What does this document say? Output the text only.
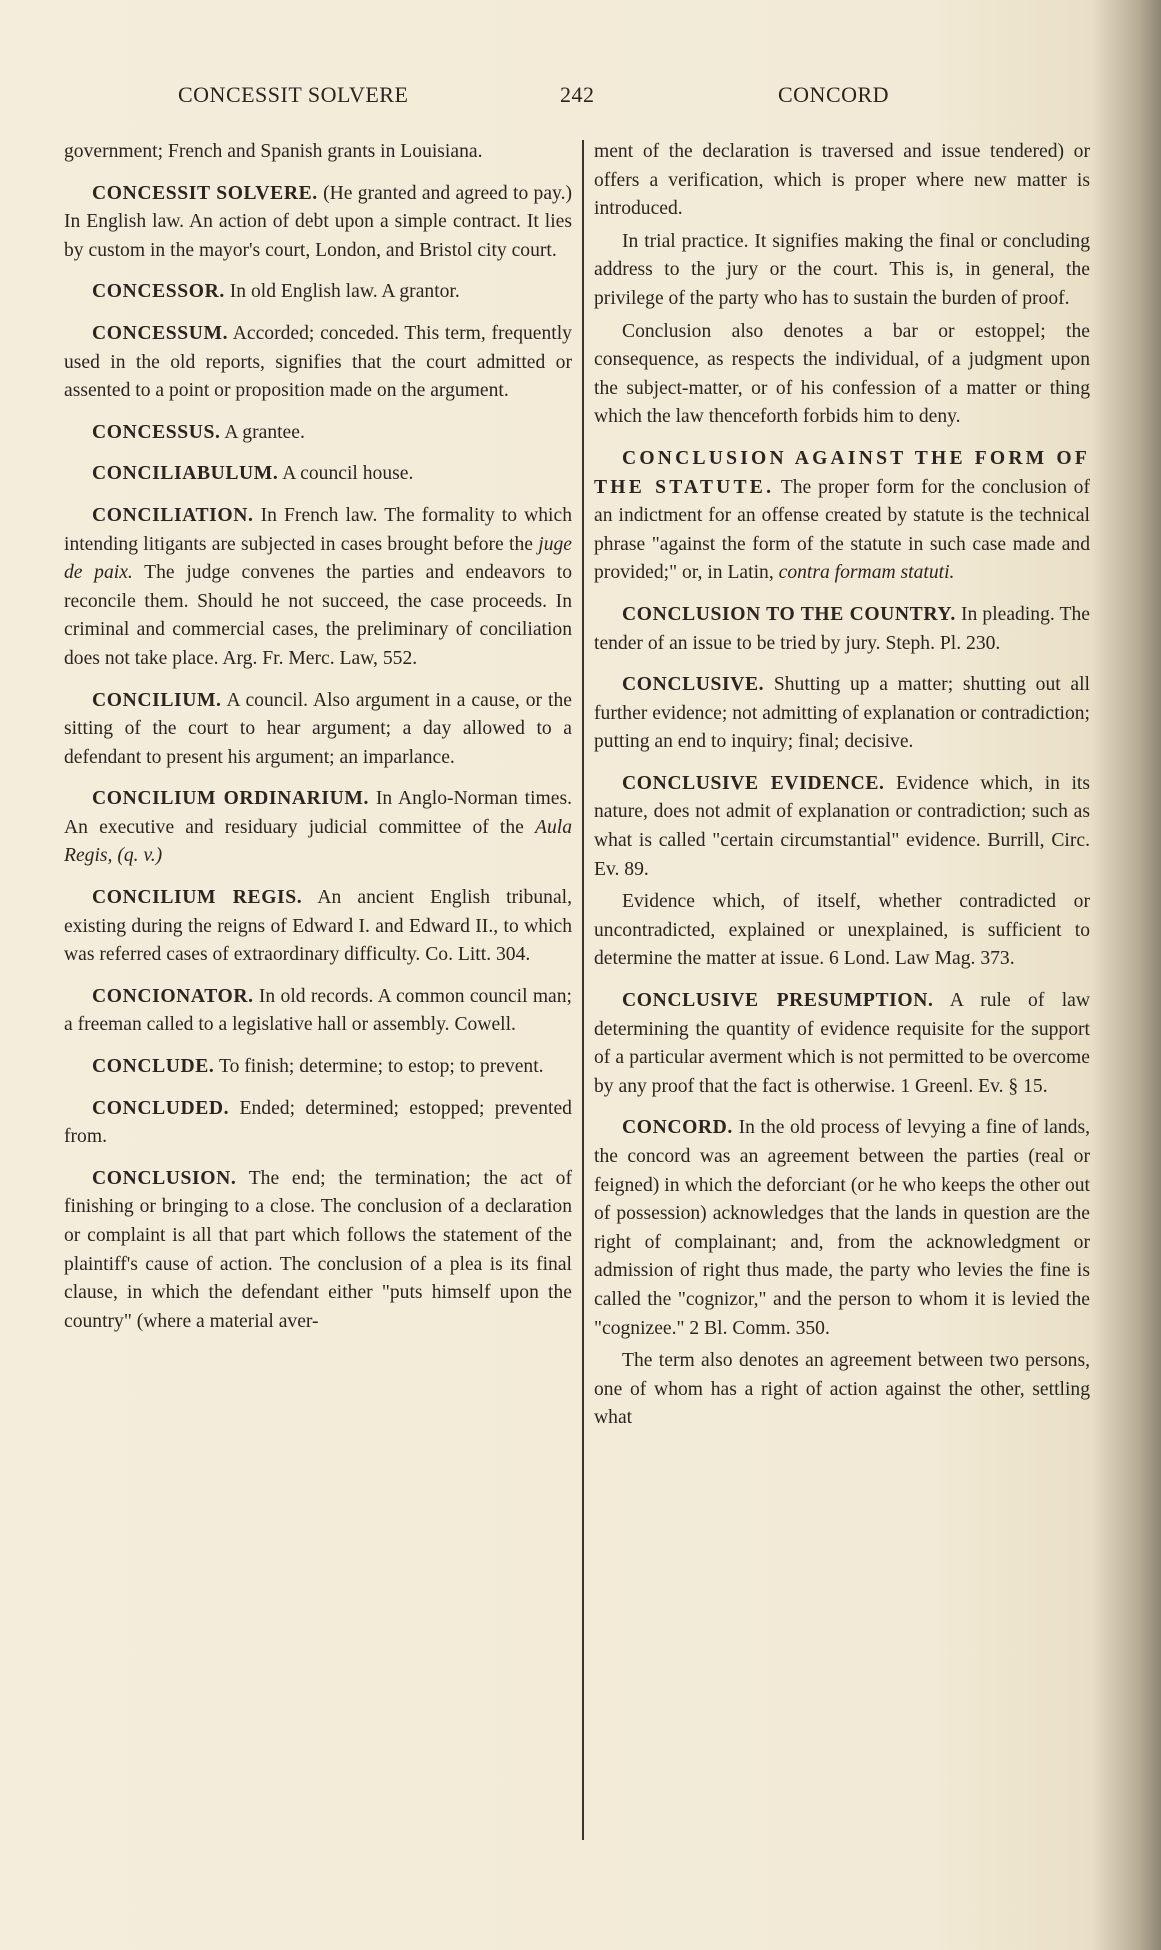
CONCESSIT SOLVERE	242	CONCORD

government; French and Spanish grants in Louisiana.

CONCESSIT SOLVERE. (He granted and agreed to pay.) In English law. An action of debt upon a simple contract. It lies by custom in the mayor's court, London, and Bristol city court.

CONCESSOR. In old English law. A grantor.

CONCESSUM. Accorded; conceded. This term, frequently used in the old reports, signifies that the court admitted or assented to a point or proposition made on the argument.

CONCESSUS. A grantee.

CONCILIABULUM. A council house.

CONCILIATION. In French law. The formality to which intending litigants are subjected in cases brought before the juge de paix. The judge convenes the parties and endeavors to reconcile them. Should he not succeed, the case proceeds. In criminal and commercial cases, the preliminary of conciliation does not take place. Arg. Fr. Merc. Law, 552.

CONCILIUM. A council. Also argument in a cause, or the sitting of the court to hear argument; a day allowed to a defendant to present his argument; an imparlance.

CONCILIUM ORDINARIUM. In Anglo-Norman times. An executive and residuary judicial committee of the Aula Regis, (q. v.)

CONCILIUM REGIS. An ancient English tribunal, existing during the reigns of Edward I. and Edward II., to which was referred cases of extraordinary difficulty. Co. Litt. 304.

CONCIONATOR. In old records. A common council man; a freeman called to a legislative hall or assembly. Cowell.

CONCLUDE. To finish; determine; to estop; to prevent.

CONCLUDED. Ended; determined; estopped; prevented from.

CONCLUSION. The end; the termination; the act of finishing or bringing to a close. The conclusion of a declaration or complaint is all that part which follows the statement of the plaintiff's cause of action. The conclusion of a plea is its final clause, in which the defendant either "puts himself upon the country" (where a material aver-

ment of the declaration is traversed and issue tendered) or offers a verification, which is proper where new matter is introduced.

In trial practice. It signifies making the final or concluding address to the jury or the court. This is, in general, the privilege of the party who has to sustain the burden of proof.

Conclusion also denotes a bar or estoppel; the consequence, as respects the individual, of a judgment upon the subject-matter, or of his confession of a matter or thing which the law thenceforth forbids him to deny.

CONCLUSION AGAINST THE FORM OF THE STATUTE. The proper form for the conclusion of an indictment for an offense created by statute is the technical phrase "against the form of the statute in such case made and provided;" or, in Latin, contra formam statuti.

CONCLUSION TO THE COUNTRY. In pleading. The tender of an issue to be tried by jury. Steph. Pl. 230.

CONCLUSIVE. Shutting up a matter; shutting out all further evidence; not admitting of explanation or contradiction; putting an end to inquiry; final; decisive.

CONCLUSIVE EVIDENCE. Evidence which, in its nature, does not admit of explanation or contradiction; such as what is called "certain circumstantial" evidence. Burrill, Circ. Ev. 89.

Evidence which, of itself, whether contradicted or uncontradicted, explained or unexplained, is sufficient to determine the matter at issue. 6 Lond. Law Mag. 373.

CONCLUSIVE PRESUMPTION. A rule of law determining the quantity of evidence requisite for the support of a particular averment which is not permitted to be overcome by any proof that the fact is otherwise. 1 Greenl. Ev. § 15.

CONCORD. In the old process of levying a fine of lands, the concord was an agreement between the parties (real or feigned) in which the deforciant (or he who keeps the other out of possession) acknowledges that the lands in question are the right of complainant; and, from the acknowledgment or admission of right thus made, the party who levies the fine is called the "cognizor," and the person to whom it is levied the "cognizee." 2 Bl. Comm. 350.

The term also denotes an agreement between two persons, one of whom has a right of action against the other, settling what
